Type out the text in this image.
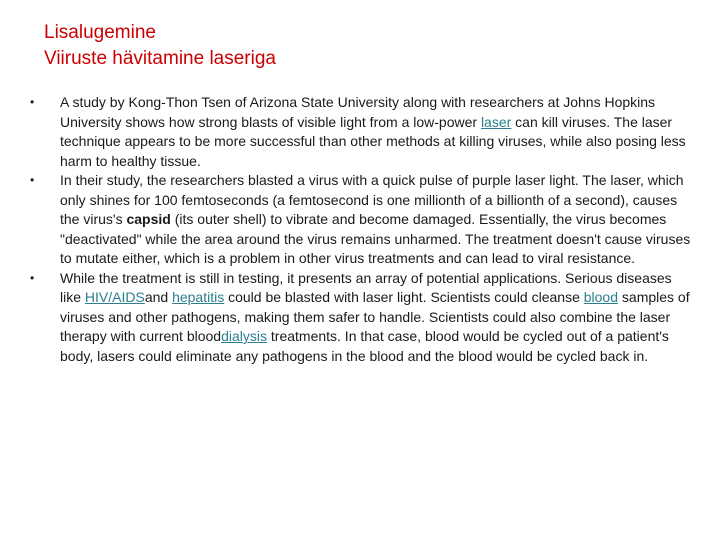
Lisalugemine
Viiruste hävitamine laseriga
• A study by Kong-Thon Tsen of Arizona State University along with researchers at Johns Hopkins University shows how strong blasts of visible light from a low-power laser can kill viruses. The laser technique appears to be more successful than other methods at killing viruses, while also posing less harm to healthy tissue.
• In their study, the researchers blasted a virus with a quick pulse of purple laser light. The laser, which only shines for 100 femtoseconds (a femtosecond is one millionth of a billionth of a second), causes the virus's capsid (its outer shell) to vibrate and become damaged. Essentially, the virus becomes "deactivated" while the area around the virus remains unharmed. The treatment doesn't cause viruses to mutate either, which is a problem in other virus treatments and can lead to viral resistance.
• While the treatment is still in testing, it presents an array of potential applications. Serious diseases like HIV/AIDSand hepatitis could be blasted with laser light. Scientists could cleanse blood samples of viruses and other pathogens, making them safer to handle. Scientists could also combine the laser therapy with current blooddialysis treatments. In that case, blood would be cycled out of a patient's body, lasers could eliminate any pathogens in the blood and the blood would be cycled back in.
